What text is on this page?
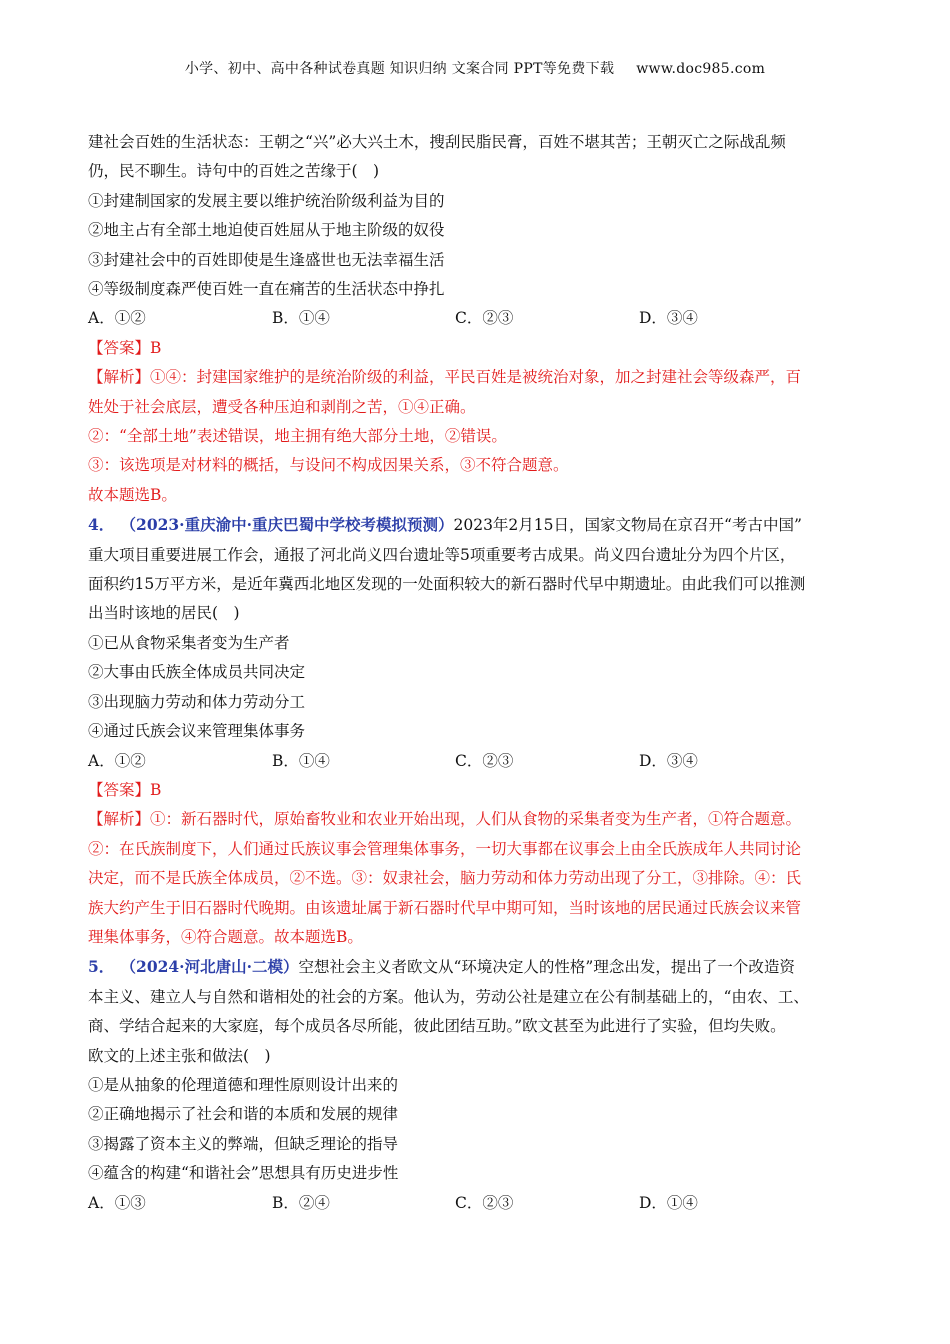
小学、初中、高中各种试卷真题 知识归纳 文案合同 PPT等免费下载 www.doc985.com
建社会百姓的生活状态：王朝之“兴”必大兴土木，搜刮民脂民膏，百姓不堪其苦；王朝灭亡之际战乱频
仍，民不聊生。诗句中的百姓之苦缘于(　)
①封建制国家的发展主要以维护统治阶级利益为目的
②地主占有全部土地迫使百姓屈从于地主阶级的奴役
③封建社会中的百姓即使是生逢盛世也无法幸福生活
④等级制度森严使百姓一直在痛苦的生活状态中挣扎
A．①②	B．①④	C．②③	D．③④
【答案】B
【解析】①④：封建国家维护的是统治阶级的利益，平民百姓是被统治对象，加之封建社会等级森严，百
姓处于社会底层，遭受各种压迫和剥削之苦，①④正确。
②：“全部土地”表述错误，地主拥有绝大部分土地，②错误。
③：该选项是对材料的概括，与设问不构成因果关系，③不符合题意。
故本题选B。
4． （2023·重庆渝中·重庆巴蜀中学校考模拟预测）2023年2月15日，国家文物局在京召开“考古中国”
重大项目重要进展工作会，通报了河北尚义四台遗址等5项重要考古成果。尚义四台遗址分为四个片区，
面积约15万平方米，是近年冀西北地区发现的一处面积较大的新石器时代早中期遗址。由此我们可以推测
出当时该地的居民(　)
①已从食物采集者变为生产者
②大事由氏族全体成员共同决定
③出现脑力劳动和体力劳动分工
④通过氏族会议来管理集体事务
A．①②	B．①④	C．②③	D．③④
【答案】B
【解析】①：新石器时代，原始畜牧业和农业开始出现，人们从食物的采集者变为生产者，①符合题意。
②：在氏族制度下，人们通过氏族议事会管理集体事务，一切大事都在议事会上由全氏族成年人共同讨论
决定，而不是氏族全体成员，②不选。③：奴隶社会，脑力劳动和体力劳动出现了分工，③排除。④：氏
族大约产生于旧石器时代晚期。由该遗址属于新石器时代早中期可知，当时该地的居民通过氏族会议来管
理集体事务，④符合题意。故本题选B。
5． （2024·河北唐山·二模）空想社会主义者欧文从“环境决定人的性格”理念出发，提出了一个改造资
本主义、建立人与自然和谐相处的社会的方案。他认为，劳动公社是建立在公有制基础上的，“由农、工、
商、学结合起来的大家庭，每个成员各尽所能，彼此团结互助。”欧文甚至为此进行了实验，但均失败。
欧文的上述主张和做法(　)
①是从抽象的伦理道德和理性原则设计出来的
②正确地揭示了社会和谐的本质和发展的规律
③揭露了资本主义的弊端，但缺乏理论的指导
④蕴含的构建“和谐社会”思想具有历史进步性
A．①③	B．②④	C．②③	D．①④
